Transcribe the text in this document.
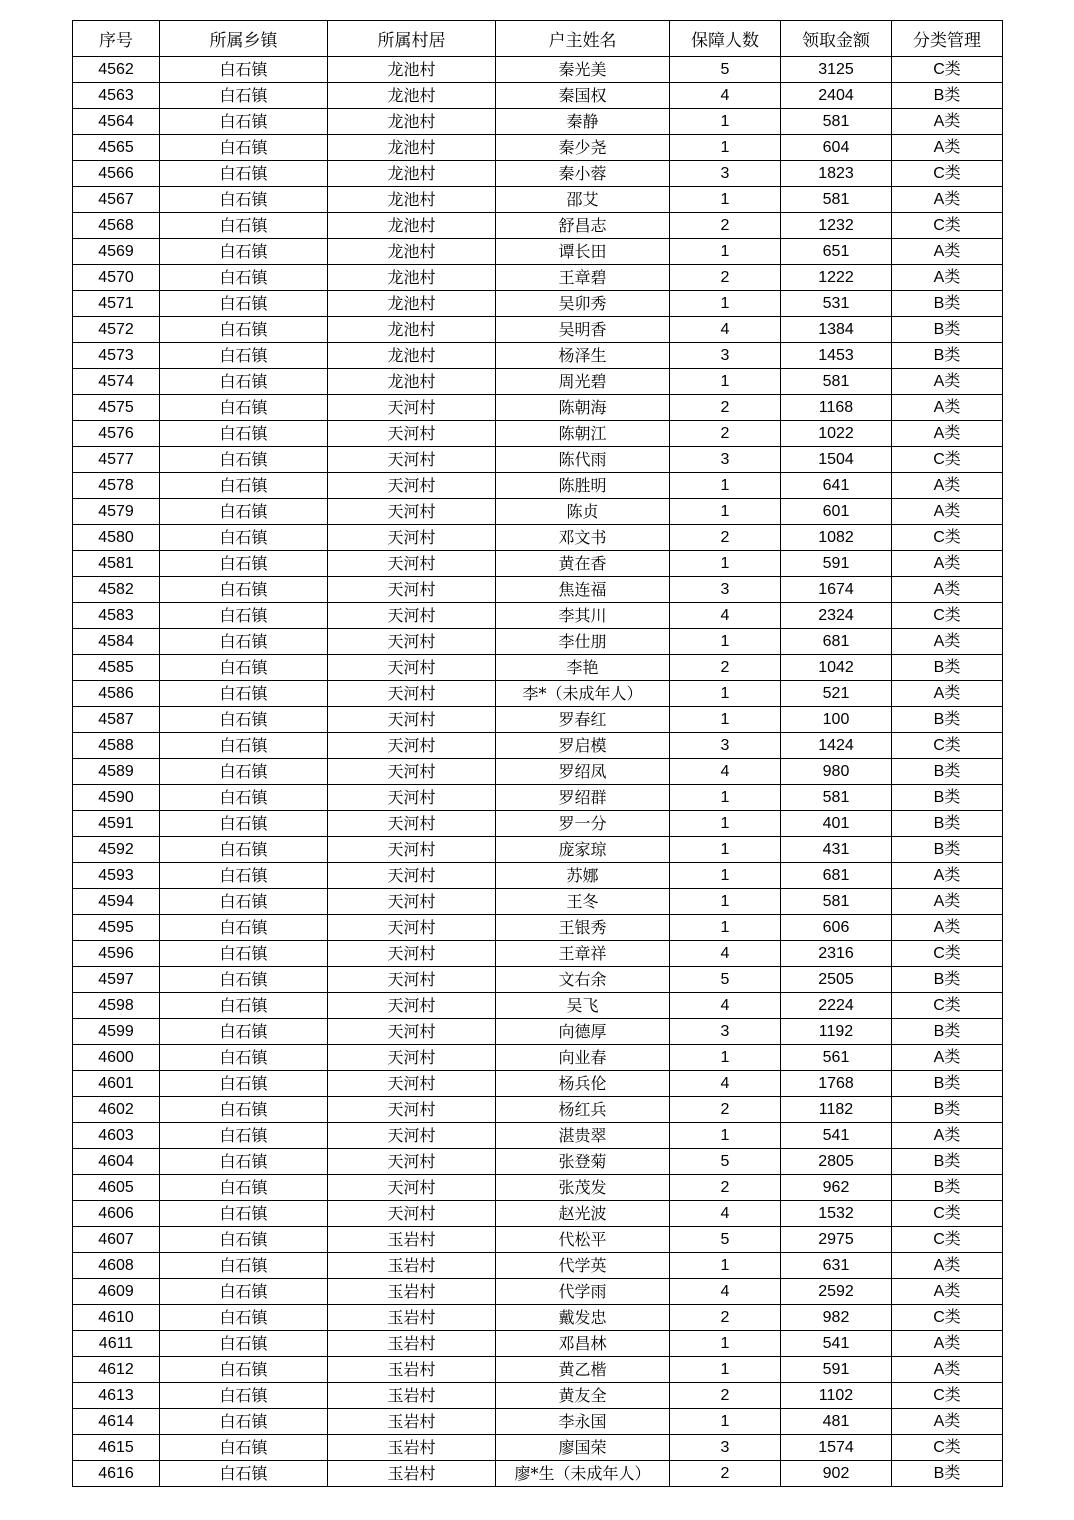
序号	所属乡镇	所属村居	户主姓名	保障人数	领取金额	分类管理
4562	白石镇	龙池村	秦光美	5	3125	C类
4563	白石镇	龙池村	秦国权	4	2404	B类
4564	白石镇	龙池村	秦静	1	581	A类
4565	白石镇	龙池村	秦少尧	1	604	A类
4566	白石镇	龙池村	秦小蓉	3	1823	C类
4567	白石镇	龙池村	邵艾	1	581	A类
4568	白石镇	龙池村	舒昌志	2	1232	C类
4569	白石镇	龙池村	谭长田	1	651	A类
4570	白石镇	龙池村	王章碧	2	1222	A类
4571	白石镇	龙池村	吴卯秀	1	531	B类
4572	白石镇	龙池村	吴明香	4	1384	B类
4573	白石镇	龙池村	杨泽生	3	1453	B类
4574	白石镇	龙池村	周光碧	1	581	A类
4575	白石镇	天河村	陈朝海	2	1168	A类
4576	白石镇	天河村	陈朝江	2	1022	A类
4577	白石镇	天河村	陈代雨	3	1504	C类
4578	白石镇	天河村	陈胜明	1	641	A类
4579	白石镇	天河村	陈贞	1	601	A类
4580	白石镇	天河村	邓文书	2	1082	C类
4581	白石镇	天河村	黄在香	1	591	A类
4582	白石镇	天河村	焦连福	3	1674	A类
4583	白石镇	天河村	李其川	4	2324	C类
4584	白石镇	天河村	李仕朋	1	681	A类
4585	白石镇	天河村	李艳	2	1042	B类
4586	白石镇	天河村	李*（未成年人）	1	521	A类
4587	白石镇	天河村	罗春红	1	100	B类
4588	白石镇	天河村	罗启模	3	1424	C类
4589	白石镇	天河村	罗绍凤	4	980	B类
4590	白石镇	天河村	罗绍群	1	581	B类
4591	白石镇	天河村	罗一分	1	401	B类
4592	白石镇	天河村	庞家琼	1	431	B类
4593	白石镇	天河村	苏娜	1	681	A类
4594	白石镇	天河村	王冬	1	581	A类
4595	白石镇	天河村	王银秀	1	606	A类
4596	白石镇	天河村	王章祥	4	2316	C类
4597	白石镇	天河村	文右余	5	2505	B类
4598	白石镇	天河村	吴飞	4	2224	C类
4599	白石镇	天河村	向德厚	3	1192	B类
4600	白石镇	天河村	向业春	1	561	A类
4601	白石镇	天河村	杨兵伦	4	1768	B类
4602	白石镇	天河村	杨红兵	2	1182	B类
4603	白石镇	天河村	湛贵翠	1	541	A类
4604	白石镇	天河村	张登菊	5	2805	B类
4605	白石镇	天河村	张茂发	2	962	B类
4606	白石镇	天河村	赵光波	4	1532	C类
4607	白石镇	玉岩村	代松平	5	2975	C类
4608	白石镇	玉岩村	代学英	1	631	A类
4609	白石镇	玉岩村	代学雨	4	2592	A类
4610	白石镇	玉岩村	戴发忠	2	982	C类
4611	白石镇	玉岩村	邓昌林	1	541	A类
4612	白石镇	玉岩村	黄乙楷	1	591	A类
4613	白石镇	玉岩村	黄友全	2	1102	C类
4614	白石镇	玉岩村	李永国	1	481	A类
4615	白石镇	玉岩村	廖国荣	3	1574	C类
4616	白石镇	玉岩村	廖*生（未成年人）	2	902	B类
